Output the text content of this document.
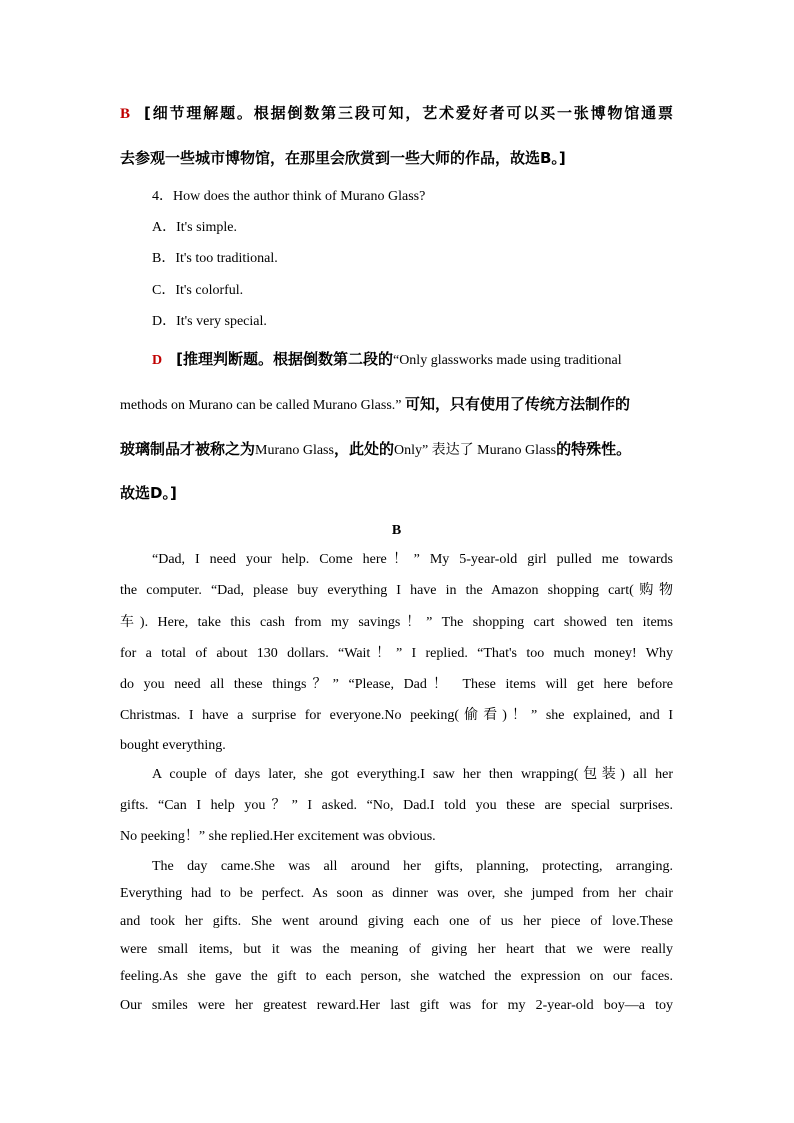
B [细节理解题。根据倒数第三段可知，艺术爱好者可以买一张博物馆通票
去参观一些城市博物馆，在那里会欣赏到一些大师的作品，故选B。]
4．How does the author think of Murano Glass?
A．It's simple.
B．It's too traditional.
C．It's colorful.
D．It's very special.
D [推理判断题。根据倒数第二段的“Only glassworks made using traditional
methods on Murano can be called Murano Glass.” 可知，只有使用了传统方法制作的
玻璃制品才被称之为Murano Glass，此处的Only” 表达了 Murano Glass的特殊性。
故选D。]
B
“Dad, I need your help. Come here！” My 5-year-old girl pulled me towards
the computer. “Dad, please buy everything I have in the Amazon shopping cart(购物
车). Here, take this cash from my savings！” The shopping cart showed ten items
for a total of about 130 dollars. “Wait！” I replied. “That's too much money! Why
do you need all these things？” “Please, Dad！ These items will get here before
Christmas. I have a surprise for everyone.No peeking(偷看)！” she explained, and I
bought everything.
A couple of days later, she got everything.I saw her then wrapping(包装) all her
gifts. “Can I help you？” I asked. “No, Dad.I told you these are special surprises.
No peeking！” she replied.Her excitement was obvious.
The day came.She was all around her gifts, planning, protecting, arranging.
Everything had to be perfect. As soon as dinner was over, she jumped from her chair
and took her gifts. She went around giving each one of us her piece of love.These
were small items, but it was the meaning of giving her heart that we were really
feeling.As she gave the gift to each person, she watched the expression on our faces.
Our smiles were her greatest reward.Her last gift was for my 2-year-old boy—a toy
